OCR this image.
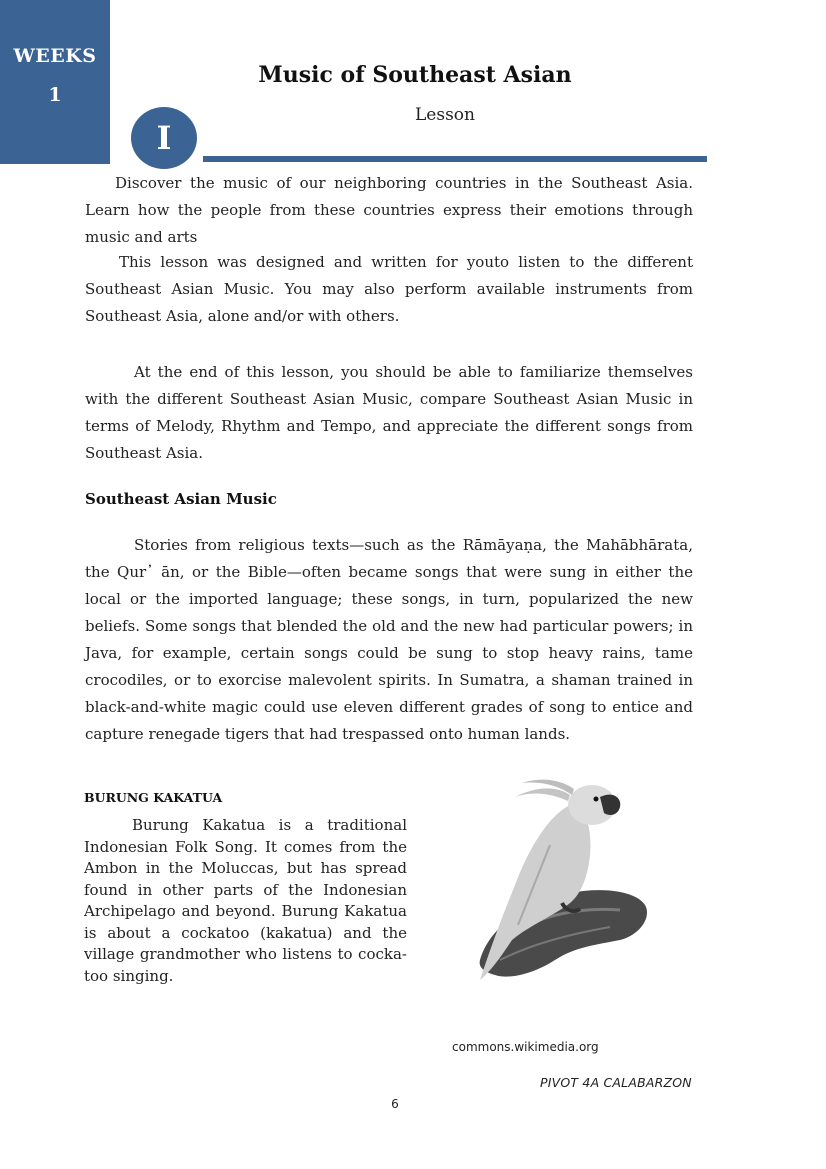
WEEKS
1
Music of Southeast Asian
Lesson
I
Discover the music of our neighboring countries in the Southeast Asia. Learn how the people from these countries express their emotions through music and arts
This lesson was designed and written for youto listen to the different Southeast Asian Music. You may also perform available instruments from Southeast Asia, alone and/or with others.
At the end of this lesson, you should be able to familiarize themselves with the different Southeast Asian Music, compare Southeast Asian Music in terms of Melody, Rhythm and Tempo, and appreciate the different songs from Southeast Asia.
Southeast Asian Music
Stories from religious texts—such as the Rāmāyaṇa, the Mahābhārata, the Qur᾿ ān, or the Bible—often became songs that were sung in either the local or the imported language; these songs, in turn, popularized the new beliefs. Some songs that blended the old and the new had particular powers; in Java, for example, certain songs could be sung to stop heavy rains, tame crocodiles, or to exorcise malevolent spirits. In Sumatra, a shaman trained in black-and-white magic could use eleven different grades of song to entice and capture renegade tigers that had trespassed onto human lands.
BURUNG KAKATUA
Burung Kakatua is a traditional Indonesian Folk Song. It comes from the Ambon in the Moluccas, but has spread found in other parts of the Indonesian Archipelago and beyond. Burung Kakatua is about a cockatoo (kakatua) and the village grandmother who listens to cocka-too singing.
commons.wikimedia.org
PIVOT 4A CALABARZON
6
